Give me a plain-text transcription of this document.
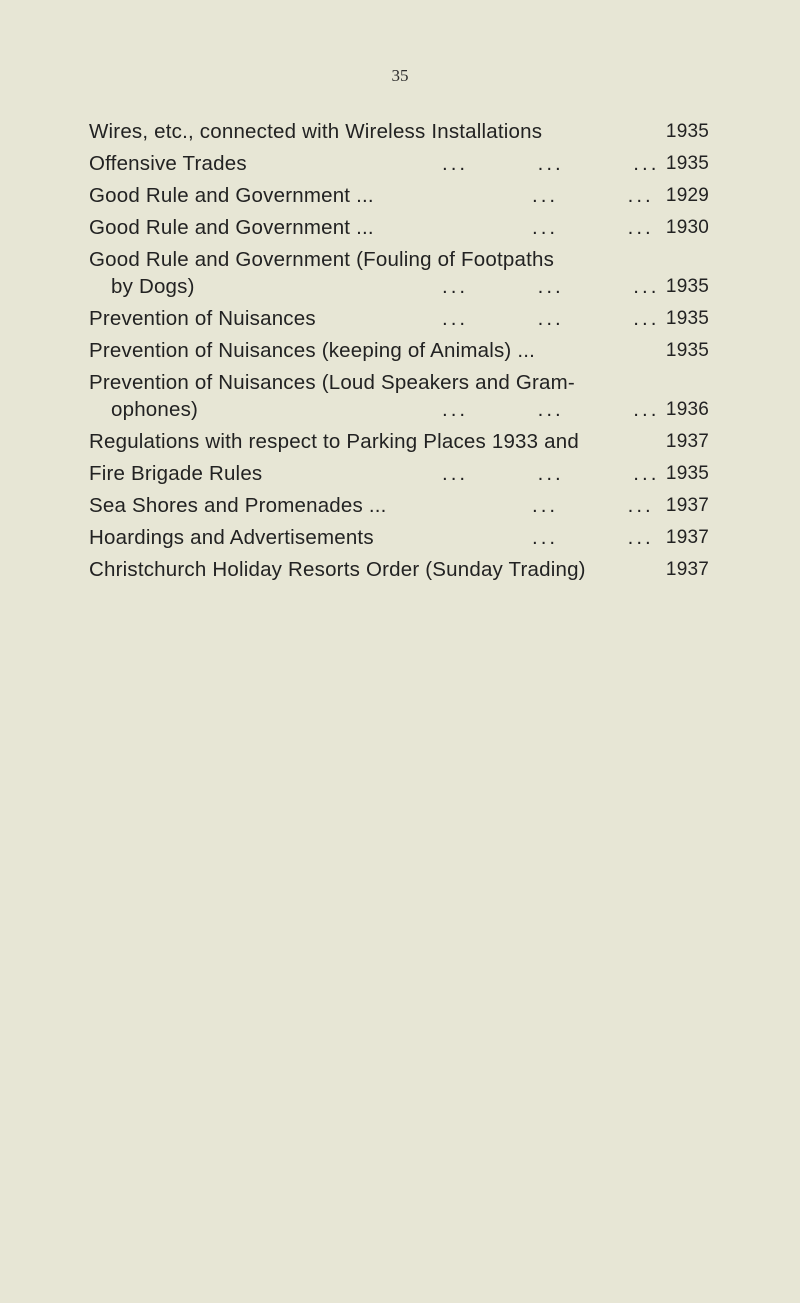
35
Wires, etc., connected with Wireless Installations	1935
Offensive Trades	...        ...        ... 1935
Good Rule and Government ...	...        ... 1929
Good Rule and Government ...	...        ... 1930
Good Rule and Government (Fouling of Footpaths
by Dogs)	...        ...        ... 1935
Prevention of Nuisances	...        ...        ... 1935
Prevention of Nuisances (keeping of Animals) ...	1935
Prevention of Nuisances (Loud Speakers and Gram-
ophones)	...        ...        ... 1936
Regulations with respect to Parking Places 1933 and	1937
Fire Brigade Rules	...        ...        ... 1935
Sea Shores and Promenades ...	...        ... 1937
Hoardings and Advertisements	...        ... 1937
Christchurch Holiday Resorts Order (Sunday Trading)	1937
